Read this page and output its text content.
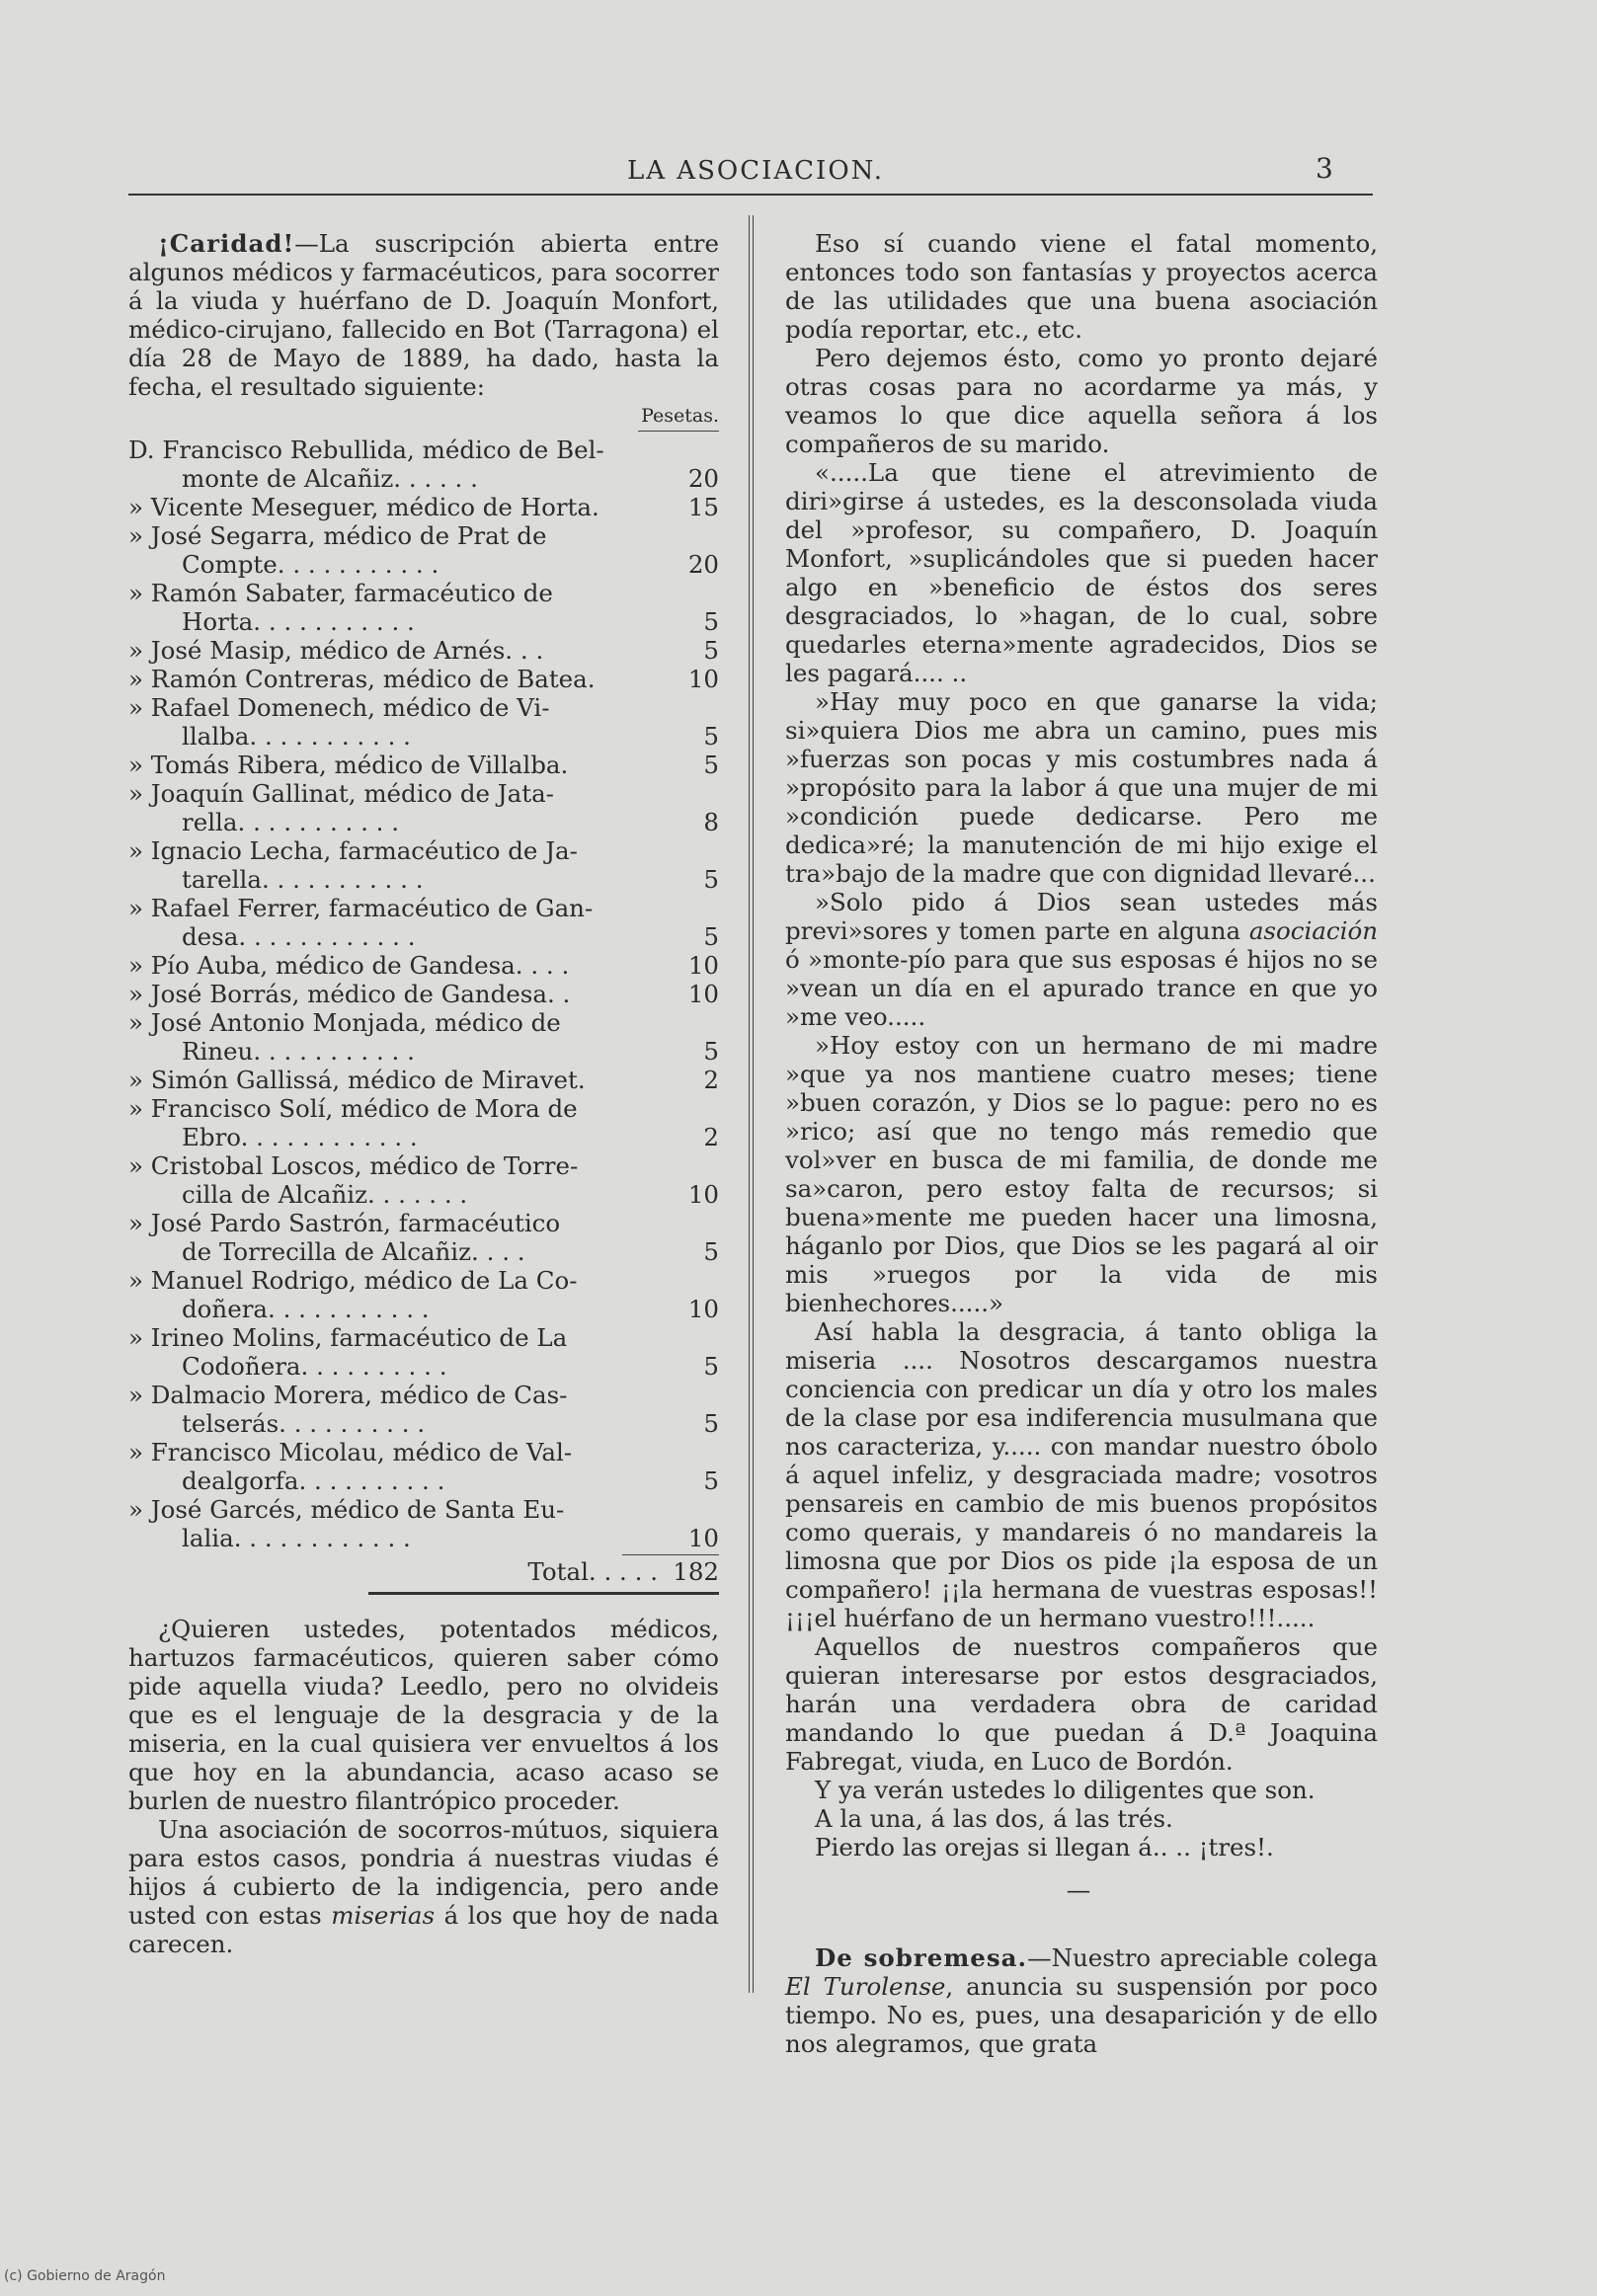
LA ASOCIACION.	3

¡Caridad!—La suscripción abierta entre algunos médicos y farmacéuticos, para socorrer á la viuda y huérfano de D. Joaquín Monfort, médico-cirujano, fallecido en Bot (Tarragona) el día 28 de Mayo de 1889, ha dado, hasta la fecha, el resultado siguiente:

Pesetas.
D. Francisco Rebullida, médico de Bel-
monte de Alcañiz. . . . . .	20
» Vicente Meseguer, médico de Horta.	15
» José Segarra, médico de Prat de
Compte. . . . . . . . . . .	20
» Ramón Sabater, farmacéutico de
Horta. . . . . . . . . . .	5
» José Masip, médico de Arnés. . .	5
» Ramón Contreras, médico de Batea.	10
» Rafael Domenech, médico de Vi-
llalba. . . . . . . . . . .	5
» Tomás Ribera, médico de Villalba.	5
» Joaquín Gallinat, médico de Jata-
rella. . . . . . . . . . .	8
» Ignacio Lecha, farmacéutico de Ja-
tarella. . . . . . . . . . .	5
» Rafael Ferrer, farmacéutico de Gan-
desa. . . . . . . . . . . .	5
» Pío Auba, médico de Gandesa. . . .	10
» José Borrás, médico de Gandesa. .	10
» José Antonio Monjada, médico de
Rineu. . . . . . . . . . .	5
» Simón Gallissá, médico de Miravet.	2
» Francisco Solí, médico de Mora de
Ebro. . . . . . . . . . . .	2
» Cristobal Loscos, médico de Torre-
cilla de Alcañiz. . . . . . .	10
» José Pardo Sastrón, farmacéutico
de Torrecilla de Alcañiz. . . .	5
» Manuel Rodrigo, médico de La Co-
doñera. . . . . . . . . . .	10
» Irineo Molins, farmacéutico de La
Codoñera. . . . . . . . . .	5
» Dalmacio Morera, médico de Cas-
telserás. . . . . . . . . .	5
» Francisco Micolau, médico de Val-
dealgorfa. . . . . . . . . .	5
» José Garcés, médico de Santa Eu-
lalia. . . . . . . . . . . .	10
Total. . . . . 182

¿Quieren ustedes, potentados médicos, hartuzos farmacéuticos, quieren saber cómo pide aquella viuda? Leedlo, pero no olvideis que es el lenguaje de la desgracia y de la miseria, en la cual quisiera ver envueltos á los que hoy en la abundancia, acaso acaso se burlen de nuestro filantrópico proceder.

Una asociación de socorros-mútuos, siquiera para estos casos, pondria á nuestras viudas é hijos á cubierto de la indigencia, pero ande usted con estas miserias á los que hoy de nada carecen.

Eso sí cuando viene el fatal momento, entonces todo son fantasías y proyectos acerca de las utilidades que una buena asociación podía reportar, etc., etc.

Pero dejemos ésto, como yo pronto dejaré otras cosas para no acordarme ya más, y veamos lo que dice aquella señora á los compañeros de su marido.

«.....La que tiene el atrevimiento de diri»girse á ustedes, es la desconsolada viuda del »profesor, su compañero, D. Joaquín Monfort, »suplicándoles que si pueden hacer algo en »beneficio de éstos dos seres desgraciados, lo »hagan, de lo cual, sobre quedarles eterna»mente agradecidos, Dios se les pagará.... ..

»Hay muy poco en que ganarse la vida; si»quiera Dios me abra un camino, pues mis »fuerzas son pocas y mis costumbres nada á »propósito para la labor á que una mujer de mi »condición puede dedicarse. Pero me dedica»ré; la manutención de mi hijo exige el tra»bajo de la madre que con dignidad llevaré...

»Solo pido á Dios sean ustedes más previ»sores y tomen parte en alguna asociación ó »monte-pío para que sus esposas é hijos no se »vean un día en el apurado trance en que yo »me veo.....

»Hoy estoy con un hermano de mi madre »que ya nos mantiene cuatro meses; tiene »buen corazón, y Dios se lo pague: pero no es »rico; así que no tengo más remedio que vol»ver en busca de mi familia, de donde me sa»caron, pero estoy falta de recursos; si buena»mente me pueden hacer una limosna, háganlo por Dios, que Dios se les pagará al oir mis »ruegos por la vida de mis bienhechores.....»

Así habla la desgracia, á tanto obliga la miseria .... Nosotros descargamos nuestra conciencia con predicar un día y otro los males de la clase por esa indiferencia musulmana que nos caracteriza, y..... con mandar nuestro óbolo á aquel infeliz, y desgraciada madre; vosotros pensareis en cambio de mis buenos propósitos como querais, y mandareis ó no mandareis la limosna que por Dios os pide ¡la esposa de un compañero! ¡¡la hermana de vuestras esposas!! ¡¡¡el huérfano de un hermano vuestro!!!.....

Aquellos de nuestros compañeros que quieran interesarse por estos desgraciados, harán una verdadera obra de caridad mandando lo que puedan á D.ª Joaquina Fabregat, viuda, en Luco de Bordón.

Y ya verán ustedes lo diligentes que son.

A la una, á las dos, á las trés.

Pierdo las orejas si llegan á.. .. ¡tres!.

—

De sobremesa.—Nuestro apreciable colega El Turolense, anuncia su suspensión por poco tiempo. No es, pues, una desaparición y de ello nos alegramos, que grata

(c) Gobierno de Aragón
